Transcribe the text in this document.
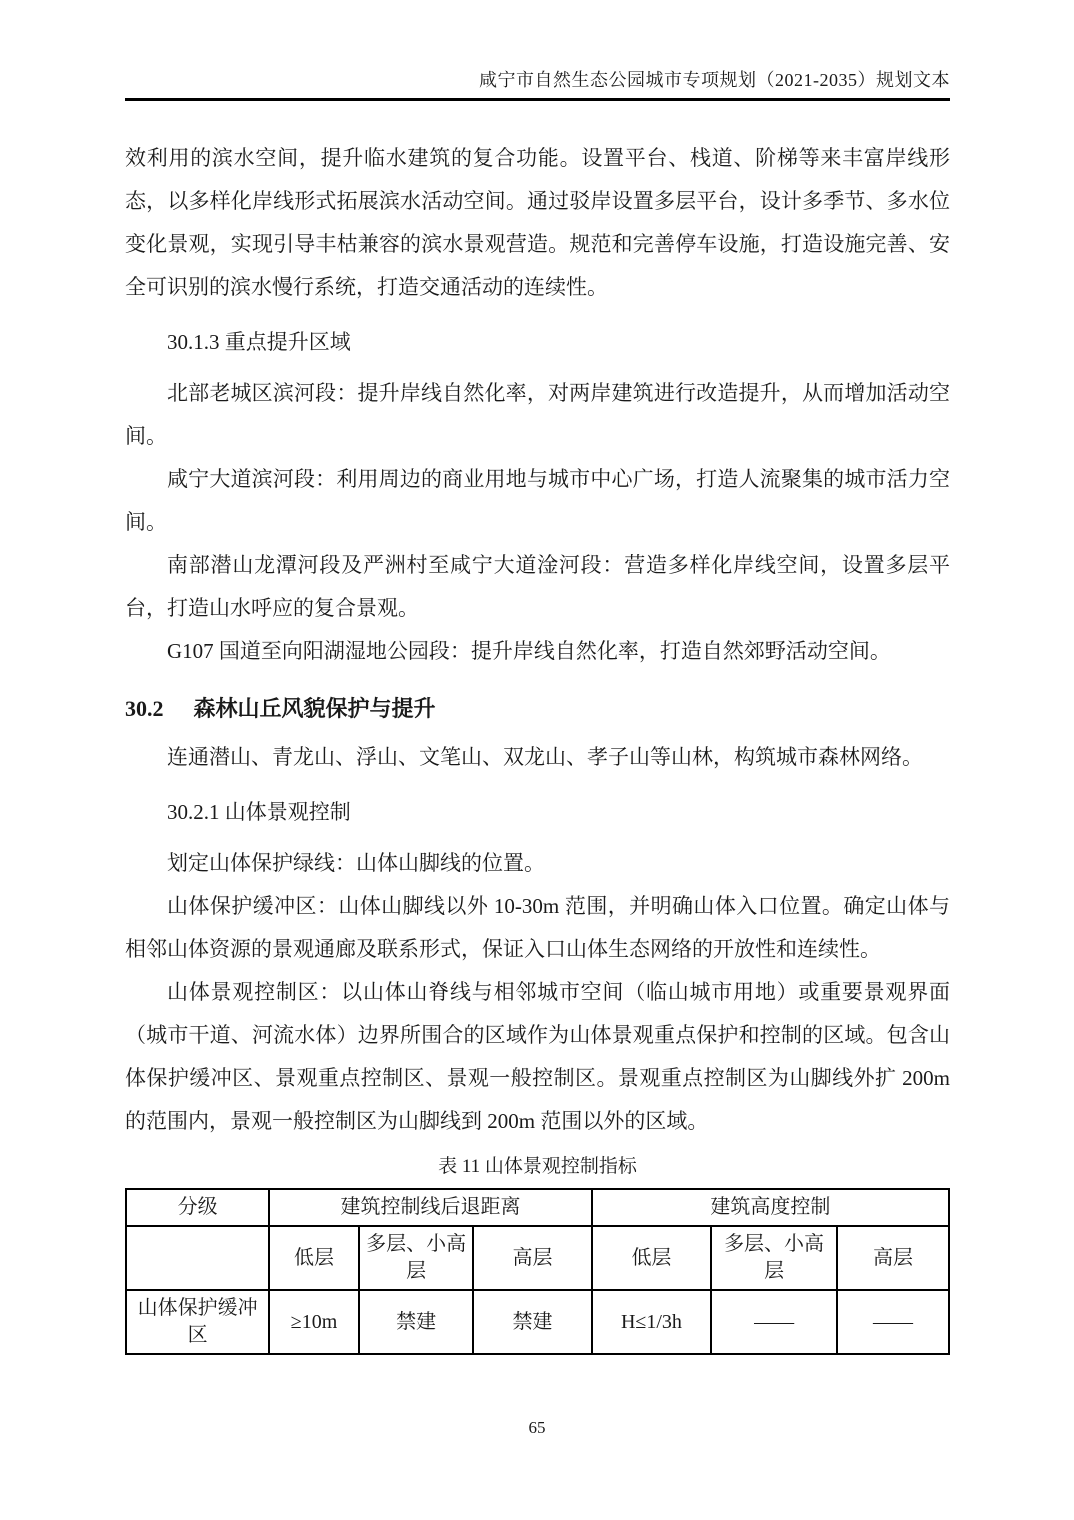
咸宁市自然生态公园城市专项规划（2021-2035）规划文本

效利用的滨水空间，提升临水建筑的复合功能。设置平台、栈道、阶梯等来丰富岸线形态，以多样化岸线形式拓展滨水活动空间。通过驳岸设置多层平台，设计多季节、多水位变化景观，实现引导丰枯兼容的滨水景观营造。规范和完善停车设施，打造设施完善、安全可识别的滨水慢行系统，打造交通活动的连续性。

30.1.3 重点提升区域

北部老城区滨河段：提升岸线自然化率，对两岸建筑进行改造提升，从而增加活动空间。

咸宁大道滨河段：利用周边的商业用地与城市中心广场，打造人流聚集的城市活力空间。

南部潜山龙潭河段及严洲村至咸宁大道淦河段：营造多样化岸线空间，设置多层平台，打造山水呼应的复合景观。

G107 国道至向阳湖湿地公园段：提升岸线自然化率，打造自然郊野活动空间。

30.2 森林山丘风貌保护与提升

连通潜山、青龙山、浮山、文笔山、双龙山、孝子山等山林，构筑城市森林网络。

30.2.1 山体景观控制

划定山体保护绿线：山体山脚线的位置。

山体保护缓冲区：山体山脚线以外 10-30m 范围，并明确山体入口位置。确定山体与相邻山体资源的景观通廊及联系形式，保证入口山体生态网络的开放性和连续性。

山体景观控制区：以山体山脊线与相邻城市空间（临山城市用地）或重要景观界面（城市干道、河流水体）边界所围合的区域作为山体景观重点保护和控制的区域。包含山体保护缓冲区、景观重点控制区、景观一般控制区。景观重点控制区为山脚线外扩 200m 的范围内，景观一般控制区为山脚线到 200m 范围以外的区域。

表 11 山体景观控制指标

分级	建筑控制线后退距离			建筑高度控制		
	低层	多层、小高层	高层	低层	多层、小高层	高层
山体保护缓冲区	≥10m	禁建	禁建	H≤1/3h	——	——
65
